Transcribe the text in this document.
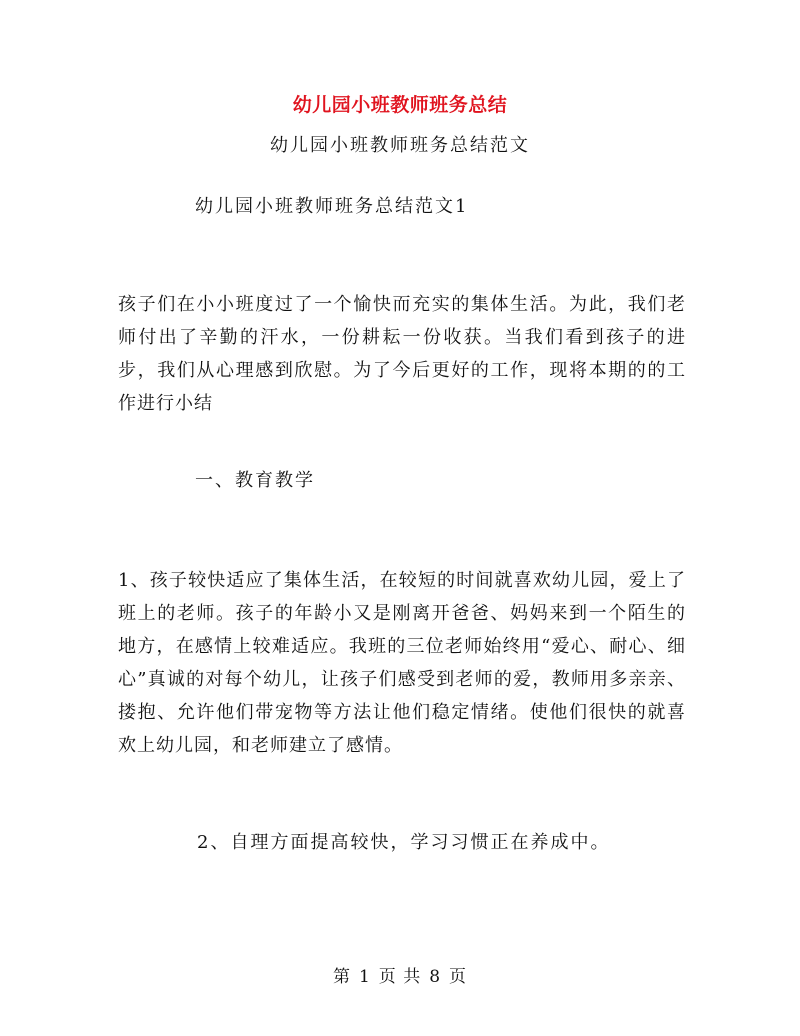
幼儿园小班教师班务总结
幼儿园小班教师班务总结范文
幼儿园小班教师班务总结范文1

孩子们在小小班度过了一个愉快而充实的集体生活。为此，我们老师付出了辛勤的汗水，一份耕耘一份收获。当我们看到孩子的进步，我们从心理感到欣慰。为了今后更好的工作，现将本期的的工作进行小结

一、教育教学

1、孩子较快适应了集体生活，在较短的时间就喜欢幼儿园，爱上了班上的老师。孩子的年龄小又是刚离开爸爸、妈妈来到一个陌生的地方，在感情上较难适应。我班的三位老师始终用“爱心、耐心、细心”真诚的对每个幼儿，让孩子们感受到老师的爱，教师用多亲亲、搂抱、允许他们带宠物等方法让他们稳定情绪。使他们很快的就喜欢上幼儿园，和老师建立了感情。

2、自理方面提高较快，学习习惯正在养成中。
第 1 页 共 8 页
